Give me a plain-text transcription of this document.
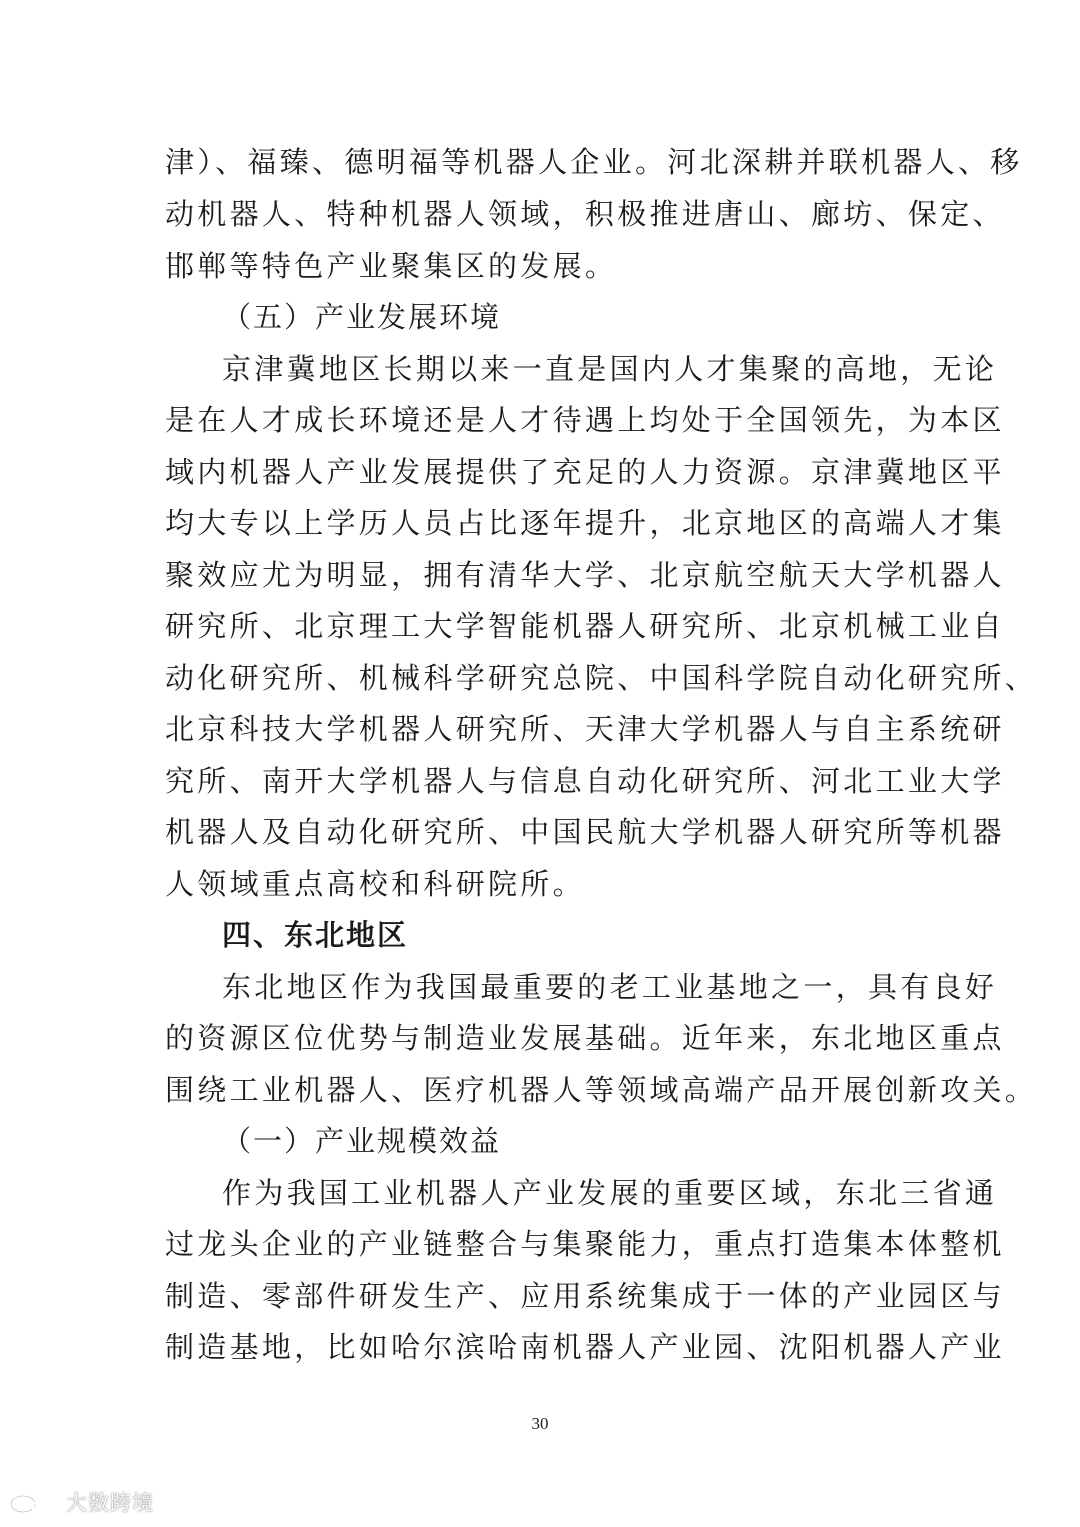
津）、福臻、德明福等机器人企业。河北深耕并联机器人、移
动机器人、特种机器人领域，积极推进唐山、廊坊、保定、
邯郸等特色产业聚集区的发展。
（五）产业发展环境
京津冀地区长期以来一直是国内人才集聚的高地，无论
是在人才成长环境还是人才待遇上均处于全国领先，为本区
域内机器人产业发展提供了充足的人力资源。京津冀地区平
均大专以上学历人员占比逐年提升，北京地区的高端人才集
聚效应尤为明显，拥有清华大学、北京航空航天大学机器人
研究所、北京理工大学智能机器人研究所、北京机械工业自
动化研究所、机械科学研究总院、中国科学院自动化研究所、
北京科技大学机器人研究所、天津大学机器人与自主系统研
究所、南开大学机器人与信息自动化研究所、河北工业大学
机器人及自动化研究所、中国民航大学机器人研究所等机器
人领域重点高校和科研院所。
四、东北地区
东北地区作为我国最重要的老工业基地之一，具有良好
的资源区位优势与制造业发展基础。近年来，东北地区重点
围绕工业机器人、医疗机器人等领域高端产品开展创新攻关。
（一）产业规模效益
作为我国工业机器人产业发展的重要区域，东北三省通
过龙头企业的产业链整合与集聚能力，重点打造集本体整机
制造、零部件研发生产、应用系统集成于一体的产业园区与
制造基地，比如哈尔滨哈南机器人产业园、沈阳机器人产业
30
大数跨境
